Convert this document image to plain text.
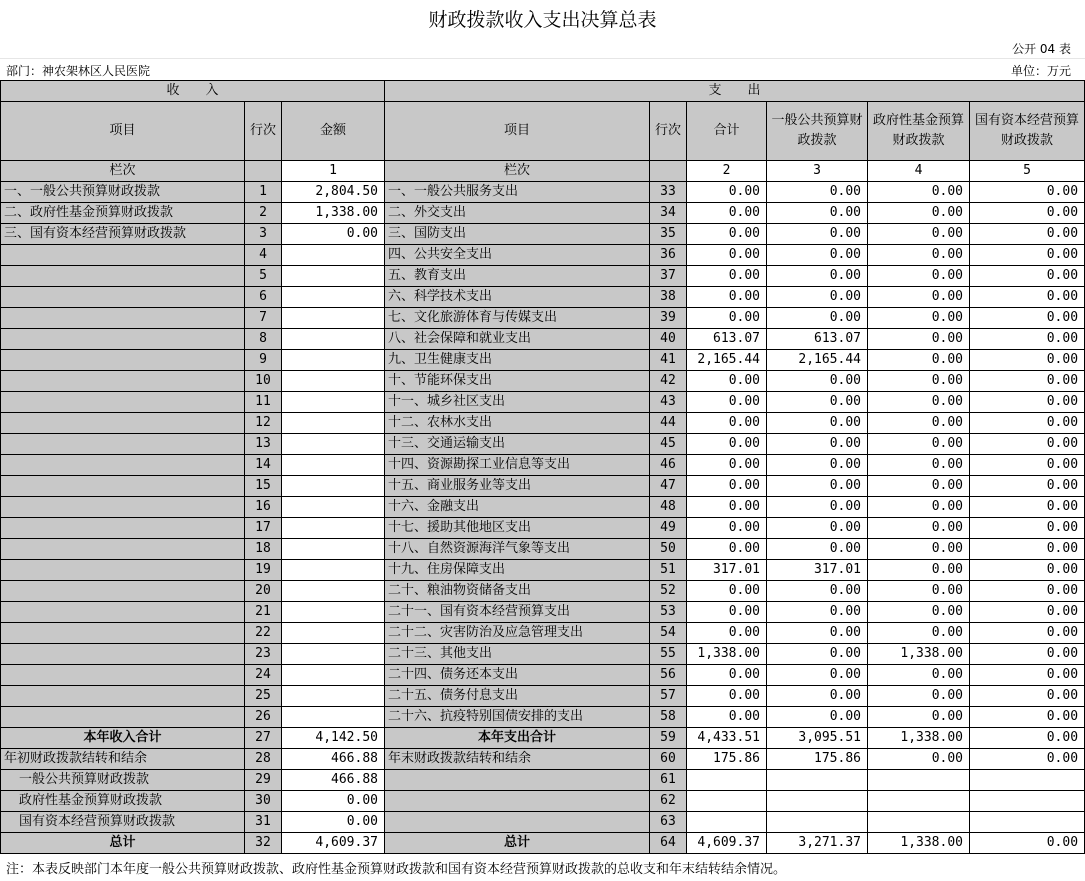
财政拨款收入支出决算总表
公开 04 表
部门：神农架林区人民医院	单位：万元
收　　入			支　　出					
项目	行次	金额	项目	行次	合计	一般公共预算财政拨款	政府性基金预算财政拨款	国有资本经营预算财政拨款
栏次		1	栏次		2	3	4	5
一、一般公共预算财政拨款	1	2,804.50	一、一般公共服务支出	33	0.00	0.00	0.00	0.00
二、政府性基金预算财政拨款	2	1,338.00	二、外交支出	34	0.00	0.00	0.00	0.00
三、国有资本经营预算财政拨款	3	0.00	三、国防支出	35	0.00	0.00	0.00	0.00
	4		四、公共安全支出	36	0.00	0.00	0.00	0.00
	5		五、教育支出	37	0.00	0.00	0.00	0.00
	6		六、科学技术支出	38	0.00	0.00	0.00	0.00
	7		七、文化旅游体育与传媒支出	39	0.00	0.00	0.00	0.00
	8		八、社会保障和就业支出	40	613.07	613.07	0.00	0.00
	9		九、卫生健康支出	41	2,165.44	2,165.44	0.00	0.00
	10		十、节能环保支出	42	0.00	0.00	0.00	0.00
	11		十一、城乡社区支出	43	0.00	0.00	0.00	0.00
	12		十二、农林水支出	44	0.00	0.00	0.00	0.00
	13		十三、交通运输支出	45	0.00	0.00	0.00	0.00
	14		十四、资源勘探工业信息等支出	46	0.00	0.00	0.00	0.00
	15		十五、商业服务业等支出	47	0.00	0.00	0.00	0.00
	16		十六、金融支出	48	0.00	0.00	0.00	0.00
	17		十七、援助其他地区支出	49	0.00	0.00	0.00	0.00
	18		十八、自然资源海洋气象等支出	50	0.00	0.00	0.00	0.00
	19		十九、住房保障支出	51	317.01	317.01	0.00	0.00
	20		二十、粮油物资储备支出	52	0.00	0.00	0.00	0.00
	21		二十一、国有资本经营预算支出	53	0.00	0.00	0.00	0.00
	22		二十二、灾害防治及应急管理支出	54	0.00	0.00	0.00	0.00
	23		二十三、其他支出	55	1,338.00	0.00	1,338.00	0.00
	24		二十四、债务还本支出	56	0.00	0.00	0.00	0.00
	25		二十五、债务付息支出	57	0.00	0.00	0.00	0.00
	26		二十六、抗疫特别国债安排的支出	58	0.00	0.00	0.00	0.00
本年收入合计	27	4,142.50	本年支出合计	59	4,433.51	3,095.51	1,338.00	0.00
年初财政拨款结转和结余	28	466.88	年末财政拨款结转和结余	60	175.86	175.86	0.00	0.00
一般公共预算财政拨款	29	466.88		61				
政府性基金预算财政拨款	30	0.00		62				
国有资本经营预算财政拨款	31	0.00		63				
总计	32	4,609.37	总计	64	4,609.37	3,271.37	1,338.00	0.00
注：本表反映部门本年度一般公共预算财政拨款、政府性基金预算财政拨款和国有资本经营预算财政拨款的总收支和年末结转结余情况。
